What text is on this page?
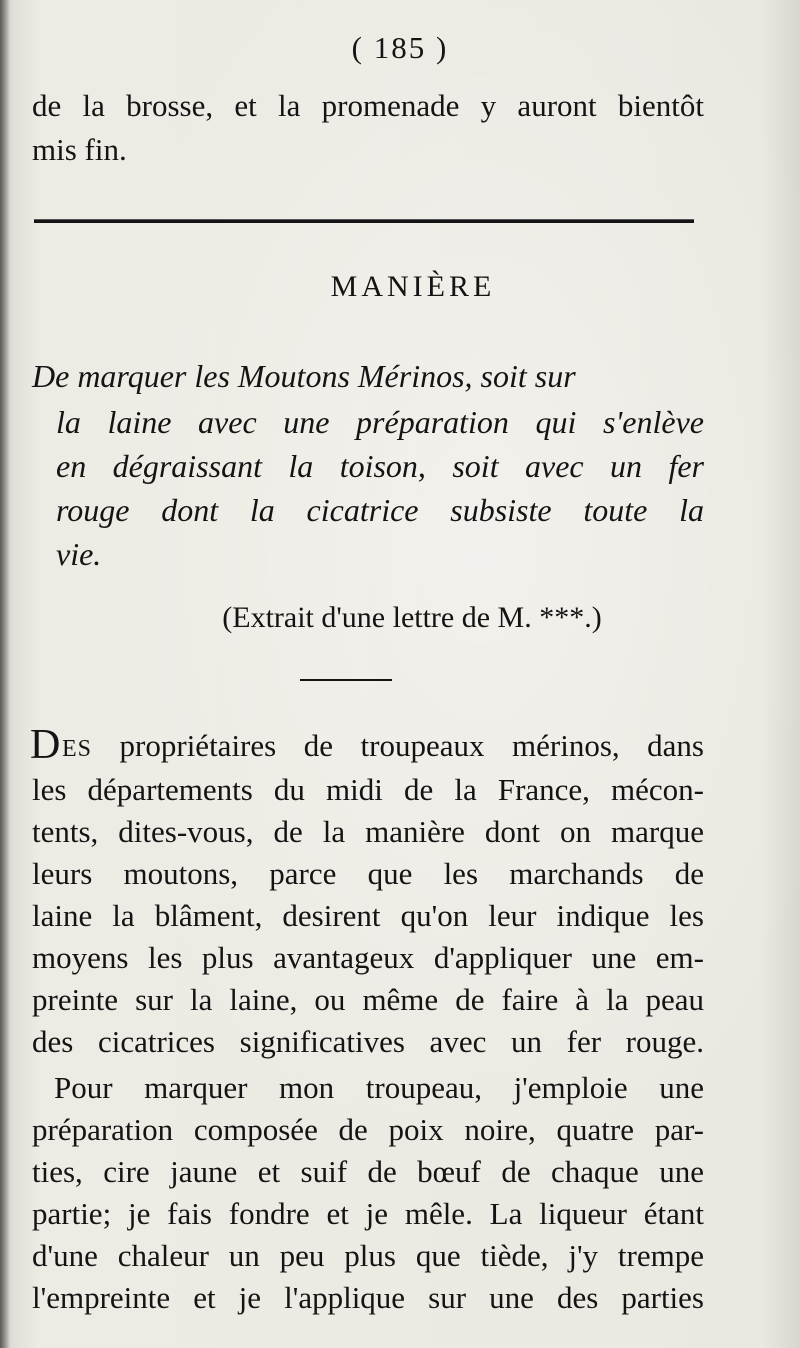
( 185 )
de la brosse, et la promenade y auront bientôt
mis fin.
MANIÈRE
De marquer les Moutons Mérinos, soit sur
la laine avec une préparation qui s'enlève
en dégraissant la toison, soit avec un fer
rouge dont la cicatrice subsiste toute la
vie.
(Extrait d'une lettre de M. ***.)
D ES propriétaires de troupeaux mérinos, dans
les départements du midi de la France, mécon-
tents, dites-vous, de la manière dont on marque
leurs moutons, parce que les marchands de
laine la blâment, desirent qu'on leur indique les
moyens les plus avantageux d'appliquer une em-
preinte sur la laine, ou même de faire à la peau
des cicatrices significatives avec un fer rouge.
Pour marquer mon troupeau, j'emploie une
préparation composée de poix noire, quatre par-
ties, cire jaune et suif de bœuf de chaque une
partie; je fais fondre et je mêle. La liqueur étant
d'une chaleur un peu plus que tiède, j'y trempe
l'empreinte et je l'applique sur une des parties
